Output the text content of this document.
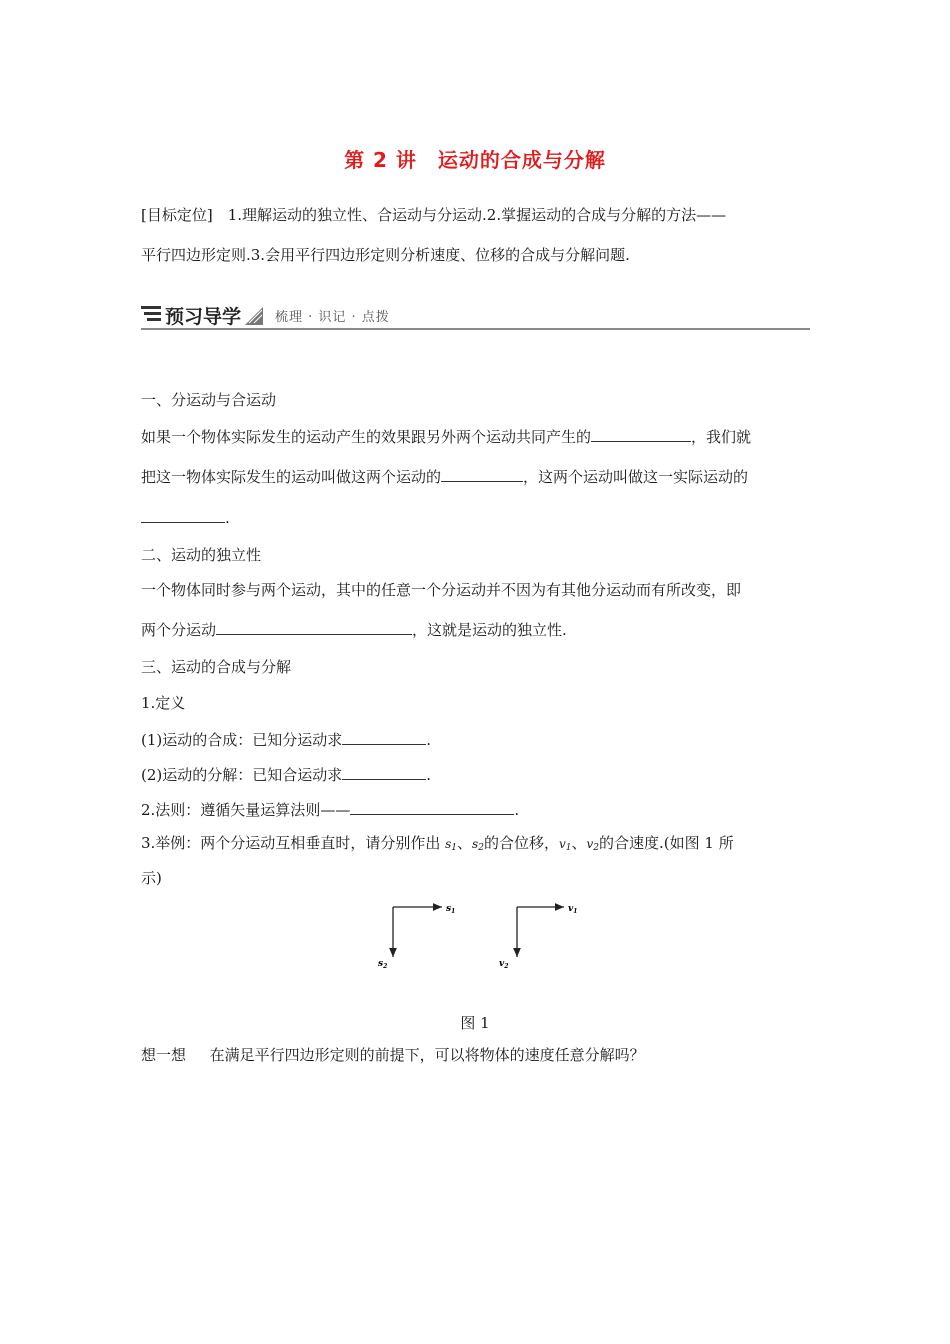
第 2 讲　运动的合成与分解
[目标定位]　1.理解运动的独立性、合运动与分运动.2.掌握运动的合成与分解的方法——
平行四边形定则.3.会用平行四边形定则分析速度、位移的合成与分解问题.
预习导学	梳理 · 识记 · 点拨
一、分运动与合运动
如果一个物体实际发生的运动产生的效果跟另外两个运动共同产生的	，我们就
把这一物体实际发生的运动叫做这两个运动的	，这两个运动叫做这一实际运动的
.
二、运动的独立性
一个物体同时参与两个运动，其中的任意一个分运动并不因为有其他分运动而有所改变，即
两个分运动	，这就是运动的独立性.
三、运动的合成与分解
1.定义
(1)运动的合成：已知分运动求	.
(2)运动的分解：已知合运动求	.
2.法则：遵循矢量运算法则——	.
3.举例：两个分运动互相垂直时，请分别作出 s1、s2的合位移，v1、v2的合速度.(如图 1 所
示)
$s_1$
$s_2$
$v_1$
$v_2$
图 1
想一想 在满足平行四边形定则的前提下，可以将物体的速度任意分解吗？
